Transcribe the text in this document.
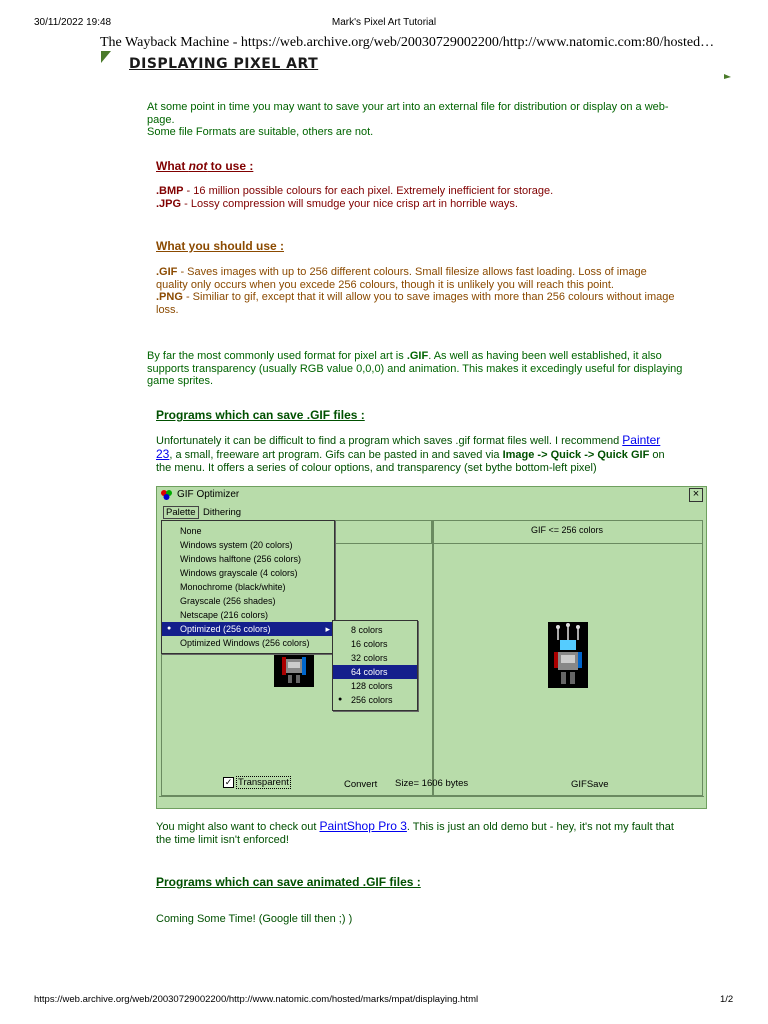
30/11/2022 19:48	Mark's Pixel Art Tutorial
The Wayback Machine - https://web.archive.org/web/20030729002200/http://www.natomic.com:80/hosted…
DISPLAYING PIXEL ART
At some point in time you may want to save your art into an external file for distribution or display on a web-
page.
Some file Formats are suitable, others are not.
What not to use :
.BMP - 16 million possible colours for each pixel. Extremely inefficient for storage.
.JPG - Lossy compression will smudge your nice crisp art in horrible ways.
What you should use :
.GIF - Saves images with up to 256 different colours. Small filesize allows fast loading. Loss of image
quality only occurs when you excede 256 colours, though it is unlikely you will reach this point.
.PNG - Similiar to gif, except that it will allow you to save images with more than 256 colours without image
loss.
By far the most commonly used format for pixel art is .GIF. As well as having been well established, it also
supports transparency (usually RGB value 0,0,0) and animation. This makes it excedingly useful for displaying
game sprites.
Programs which can save .GIF files :
Unfortunately it can be difficult to find a program which saves .gif format files well. I recommend Painter
23, a small, freeware art program. Gifs can be pasted in and saved via Image -> Quick -> Quick GIF on
the menu. It offers a series of colour options, and transparency (set bythe bottom-left pixel)
GIF Optimizer	×
Palette Dithering
GIF <= 256 colors
None
Windows system (20 colors)
Windows halftone (256 colors)
Windows grayscale (4 colors)
Monochrome (black/white)
Grayscale (256 shades)
Netscape (216 colors)
● Optimized (256 colors)	▸
Optimized Windows (256 colors)
8 colors
16 colors
32 colors
64 colors
128 colors
● 256 colors
✓ Transparent	Convert Size= 1606 bytes	GIFSave
You might also want to check out PaintShop Pro 3. This is just an old demo but - hey, it's not my fault that
the time limit isn't enforced!
Programs which can save animated .GIF files :
Coming Some Time! (Google till then ;) )
https://web.archive.org/web/20030729002200/http://www.natomic.com/hosted/marks/mpat/displaying.html	1/2
